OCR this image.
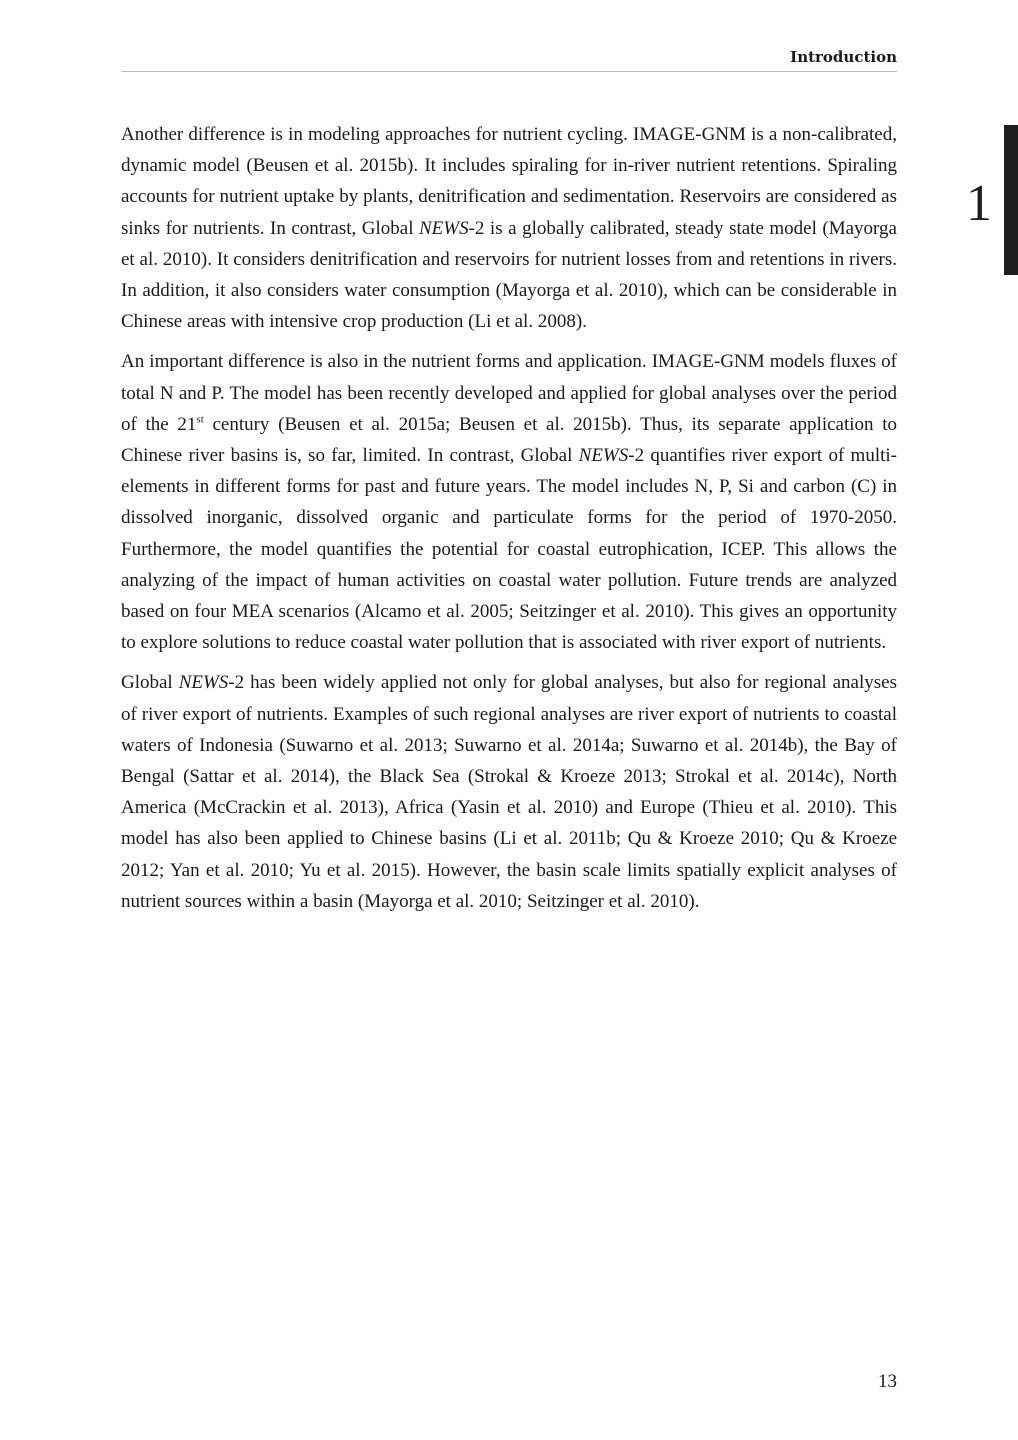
Introduction
1

Another difference is in modeling approaches for nutrient cycling. IMAGE-GNM is a non-calibrated, dynamic model (Beusen et al. 2015b). It includes spiraling for in-river nutrient retentions. Spiraling accounts for nutrient uptake by plants, denitrification and sedimentation. Reservoirs are considered as sinks for nutrients. In contrast, Global NEWS-2 is a globally calibrated, steady state model (Mayorga et al. 2010). It considers denitrification and reservoirs for nutrient losses from and retentions in rivers. In addition, it also considers water consumption (Mayorga et al. 2010), which can be considerable in Chinese areas with intensive crop production (Li et al. 2008).

An important difference is also in the nutrient forms and application. IMAGE-GNM models fluxes of total N and P. The model has been recently developed and applied for global analyses over the period of the 21st century (Beusen et al. 2015a; Beusen et al. 2015b). Thus, its separate application to Chinese river basins is, so far, limited. In contrast, Global NEWS-2 quantifies river export of multi-elements in different forms for past and future years. The model includes N, P, Si and carbon (C) in dissolved inorganic, dissolved organic and particulate forms for the period of 1970-2050. Furthermore, the model quantifies the potential for coastal eutrophication, ICEP. This allows the analyzing of the impact of human activities on coastal water pollution. Future trends are analyzed based on four MEA scenarios (Alcamo et al. 2005; Seitzinger et al. 2010). This gives an opportunity to explore solutions to reduce coastal water pollution that is associated with river export of nutrients.

Global NEWS-2 has been widely applied not only for global analyses, but also for regional analyses of river export of nutrients. Examples of such regional analyses are river export of nutrients to coastal waters of Indonesia (Suwarno et al. 2013; Suwarno et al. 2014a; Suwarno et al. 2014b), the Bay of Bengal (Sattar et al. 2014), the Black Sea (Strokal & Kroeze 2013; Strokal et al. 2014c), North America (McCrackin et al. 2013), Africa (Yasin et al. 2010) and Europe (Thieu et al. 2010). This model has also been applied to Chinese basins (Li et al. 2011b; Qu & Kroeze 2010; Qu & Kroeze 2012; Yan et al. 2010; Yu et al. 2015). However, the basin scale limits spatially explicit analyses of nutrient sources within a basin (Mayorga et al. 2010; Seitzinger et al. 2010).

13
